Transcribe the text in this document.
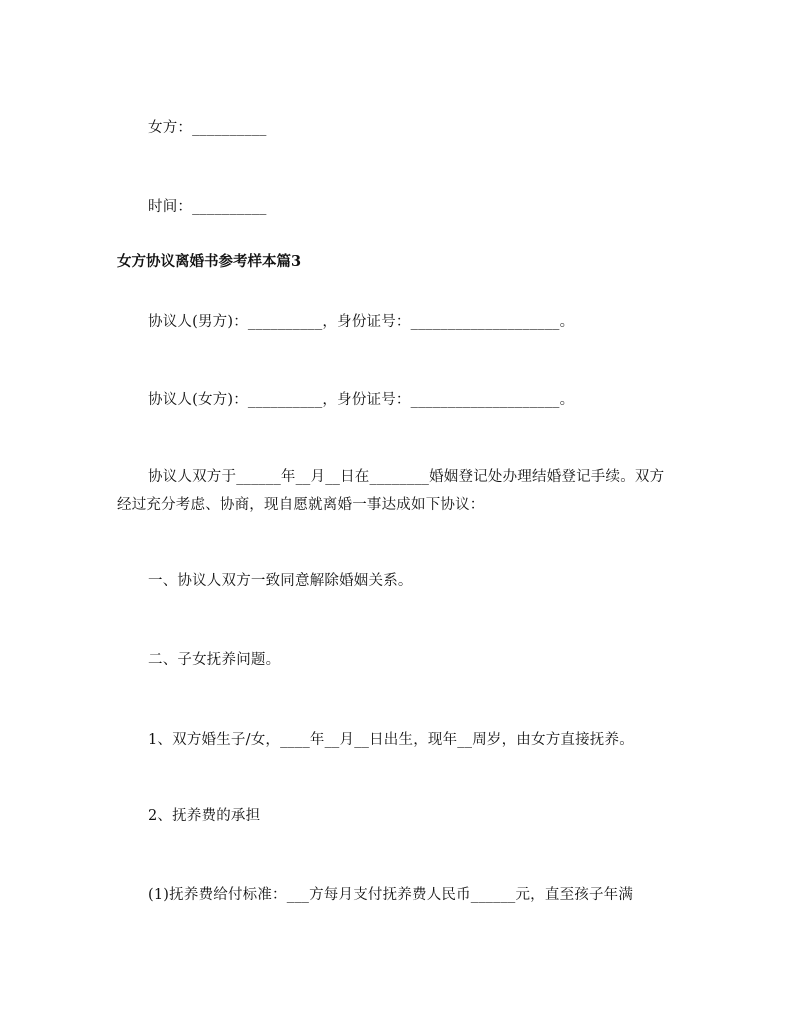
女方：__________
时间：__________
女方协议离婚书参考样本篇3
协议人(男方)：__________，身份证号：____________________。
协议人(女方)：__________，身份证号：____________________。
协议人双方于______年__月__日在________婚姻登记处办理结婚登记手续。双方经过充分考虑、协商，现自愿就离婚一事达成如下协议：
一、协议人双方一致同意解除婚姻关系。
二、子女抚养问题。
1、双方婚生子/女，____年__月__日出生，现年__周岁，由女方直接抚养。
2、抚养费的承担
(1)抚养费给付标准：___方每月支付抚养费人民币______元，直至孩子年满
